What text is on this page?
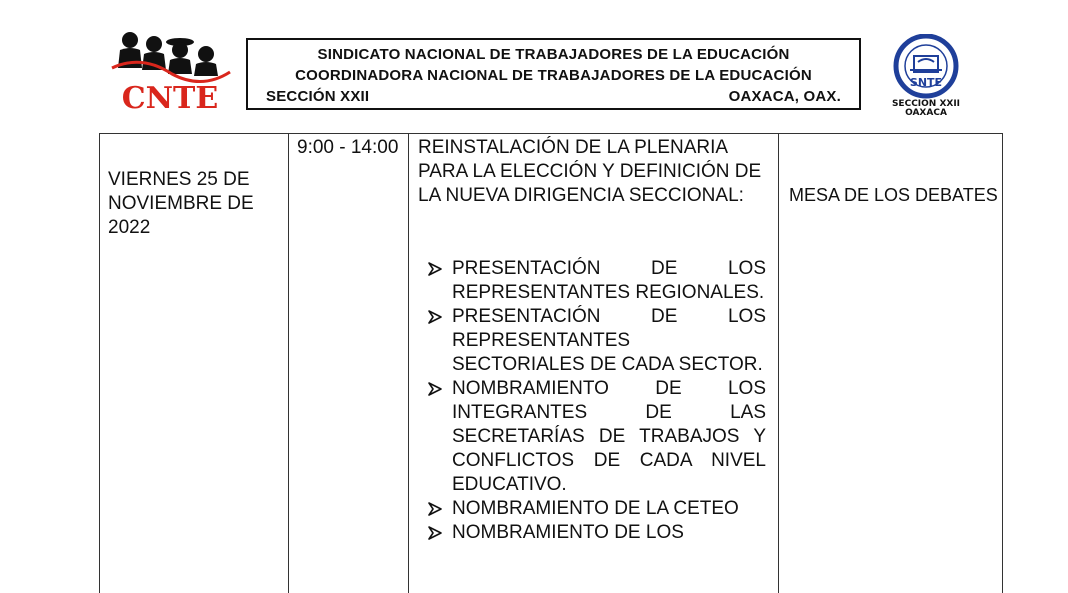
CNTE
SINDICATO NACIONAL DE TRABAJADORES DE LA EDUCACIÓN
COORDINADORA NACIONAL DE TRABAJADORES DE LA EDUCACIÓN
SECCIÓN XXII	OAXACA, OAX.
SNTE
SECCION XXII
OAXACA
VIERNES 25 DE NOVIEMBRE DE 2022
9:00 - 14:00 REINSTALACIÓN DE LA PLENARIA PARA LA ELECCIÓN Y DEFINICIÓN DE LA NUEVA DIRIGENCIA SECCIONAL:
PRESENTACIÓN DE LOS REPRESENTANTES REGIONALES.
PRESENTACIÓN DE LOS REPRESENTANTES SECTORIALES DE CADA SECTOR.
NOMBRAMIENTO DE LOS INTEGRANTES DE LAS SECRETARÍAS DE TRABAJOS Y CONFLICTOS DE CADA NIVEL EDUCATIVO.
NOMBRAMIENTO DE LA CETEO
NOMBRAMIENTO DE LOS
MESA DE LOS DEBATES
